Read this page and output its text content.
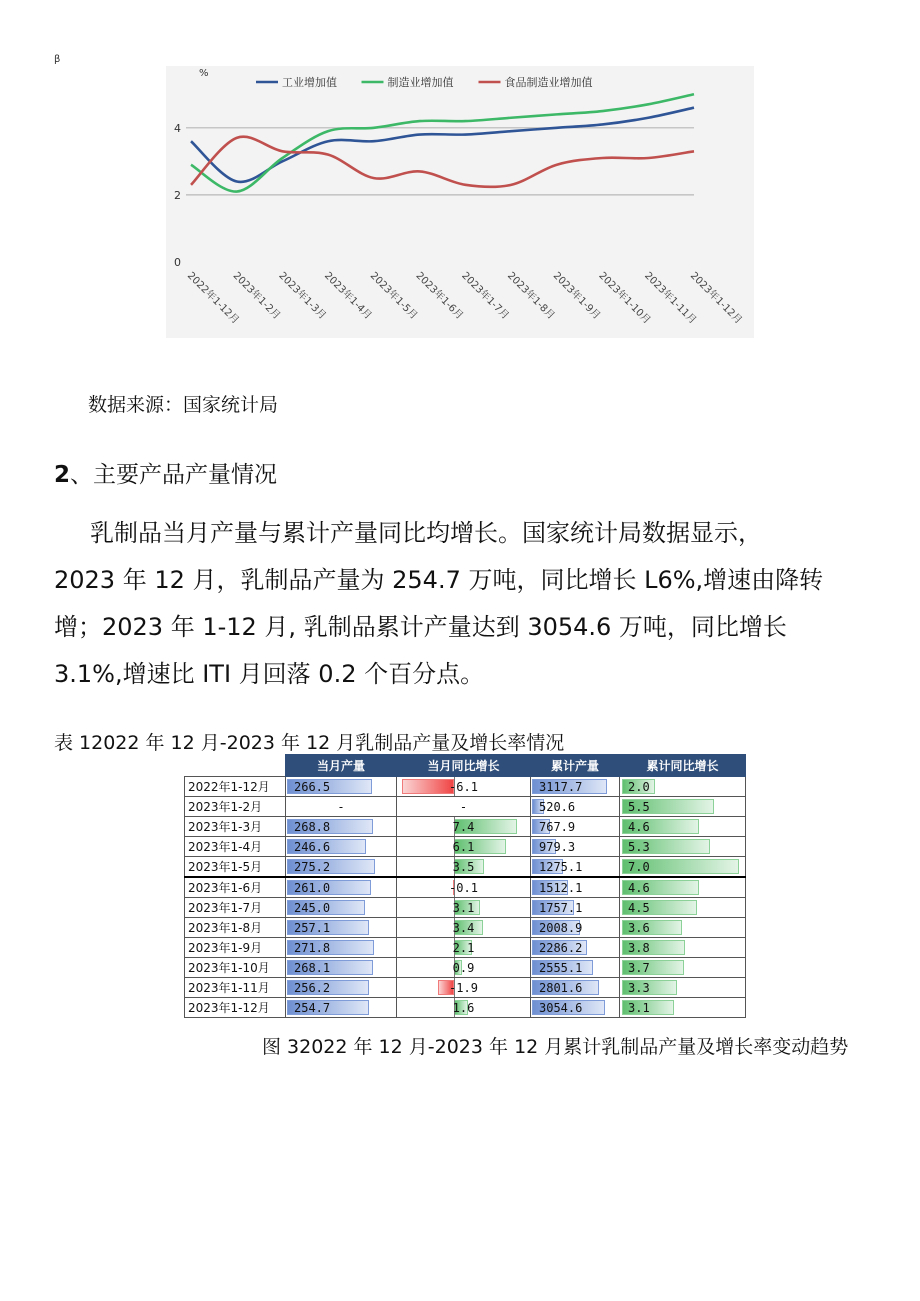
β
0
2
4
%
2022年1-12月
2023年1-2月
2023年1-3月
2023年1-4月
2023年1-5月
2023年1-6月
2023年1-7月
2023年1-8月
2023年1-9月
2023年1-10月
2023年1-11月
2023年1-12月
工业增加值	制造业增加值	食品制造业增加值
数据来源：国家统计局
2、主要产品产量情况

乳制品当月产量与累计产量同比均增长。国家统计局数据显示，

2023 年 12 月，乳制品产量为 254.7 万吨，同比增长 L6%,增速由降转

增；2023 年 1-12 月, 乳制品累计产量达到 3054.6 万吨，同比增长

3.1%,增速比 ITI 月回落 0.2 个百分点。

表 12022 年 12 月-2023 年 12 月乳制品产量及增长率情况
	当月产量	当月同比增长	累计产量	累计同比增长
2022年1-12月	266.5	-6.1	3117.7	2.0

2023年1-2月	-	-	520.6	5.5

2023年1-3月	268.8	7.4	767.9	4.6

2023年1-4月	246.6	6.1	979.3	5.3

2023年1-5月	275.2	3.5	1275.1	7.0

2023年1-6月	261.0	-0.1	1512.1	4.6

2023年1-7月	245.0	3.1	1757.1	4.5

2023年1-8月	257.1	3.4	2008.9	3.6

2023年1-9月	271.8	2.1	2286.2	3.8

2023年1-10月	268.1	0.9	2555.1	3.7

2023年1-11月	256.2	-1.9	2801.6	3.3

2023年1-12月	254.7	1.6	3054.6	3.1
图 32022 年 12 月-2023 年 12 月累计乳制品产量及增长率变动趋势
